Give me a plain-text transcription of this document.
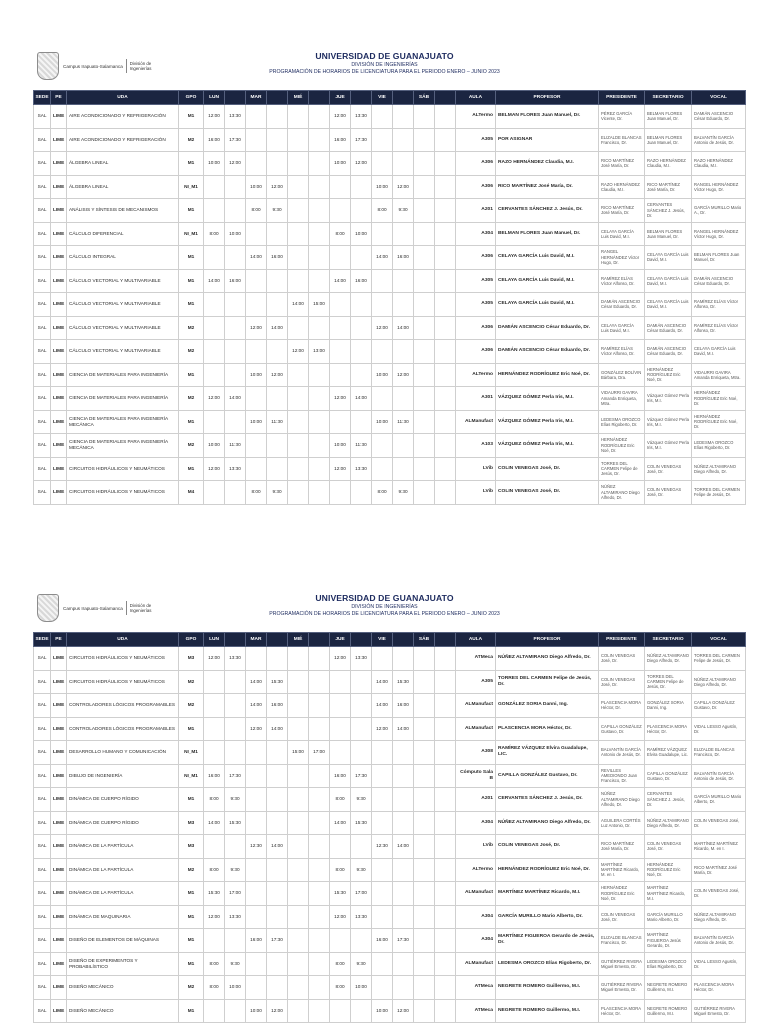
Campus Irapuato-Salamanca
División de Ingenierías
UNIVERSIDAD DE GUANAJUATO
DIVISIÓN DE INGENIERÍAS
PROGRAMACIÓN DE HORARIOS DE LICENCIATURA PARA EL PERIODO ENERO – JUNIO 2023
SEDE	PE	UDA	GPO	LUN		MAR		MIÉ		JUE		VIE		SÁB		AULA	PROFESOR	PRESIDENTE	SECRETARIO	VOCAL
SAL	LIME	AIRE ACONDICIONADO Y REFRIGERACIÓN	M1	12:00	13:30					12:00	13:30					ALTermo	BELMAN FLORES Juan Manuel, Dr.	PÉREZ GARCÍA Vicente, Dr.	BELMAN FLORES Juan Manuel, Dr.	DAMIÁN ASCENCIO César Eduardo, Dr.
SAL	LIME	AIRE ACONDICIONADO Y REFRIGERACIÓN	M2	16:00	17:30					16:00	17:30					A305	POR ASIGNAR	ELIZALDE BLANCAS Francisco, Dr.	BELMAN FLORES Juan Manuel, Dr.	BALVANTÍN GARCÍA Antonio de Jesús, Dr.
SAL	LIME	ÁLGEBRA LINEAL	M1	10:00	12:00					10:00	12:00					A306	RAZO HERNÁNDEZ Claudia, M.I.	RICO MARTÍNEZ José María, Dr.	RAZO HERNÁNDEZ Claudia, M.I.	RAZO HERNÁNDEZ Claudia, M.I.
SAL	LIME	ÁLGEBRA LINEAL	NI_M1			10:00	12:00					10:00	12:00			A306	RICO MARTÍNEZ José María, Dr.	RAZO HERNÁNDEZ Claudia, M.I.	RICO MARTÍNEZ José María, Dr.	RANGEL HERNÁNDEZ Víctor Hugo, Dr.
SAL	LIME	ANÁLISIS Y SÍNTESIS DE MECANISMOS	M1			8:00	9:30					8:00	9:30			A201	CERVANTES SÁNCHEZ J. Jesús, Dr.	RICO MARTÍNEZ José María, Dr.	CERVANTES SÁNCHEZ J. Jesús, Dr.	GARCÍA MURILLO Mario A., Dr.
SAL	LIME	CÁLCULO DIFERENCIAL	NI_M1	8:00	10:00					8:00	10:00					A304	BELMAN FLORES Juan Manuel, Dr.	CELAYA GARCÍA Luis David, M.I.	BELMAN FLORES Juan Manuel, Dr.	RANGEL HERNÁNDEZ Víctor Hugo, Dr.
SAL	LIME	CÁLCULO INTEGRAL	M1			14:00	16:00					14:00	16:00			A306	CELAYA GARCÍA Luis David, M.I.	RANGEL HERNÁNDEZ Víctor Hugo, Dr.	CELAYA GARCÍA Luis David, M.I.	BELMAN FLORES Juan Manuel, Dr.
SAL	LIME	CÁLCULO VECTORIAL Y MULTIVARIABLE	M1	14:00	16:00					14:00	16:00					A305	CELAYA GARCÍA Luis David, M.I.	RAMÍREZ ELÍAS Víctor Alfonso, Dr.	CELAYA GARCÍA Luis David, M.I.	DAMIÁN ASCENCIO César Eduardo, Dr.
SAL	LIME	CÁLCULO VECTORIAL Y MULTIVARIABLE	M1					14:00	15:00							A305	CELAYA GARCÍA Luis David, M.I.	DAMIÁN ASCENCIO César Eduardo, Dr.	CELAYA GARCÍA Luis David, M.I.	RAMÍREZ ELÍAS Víctor Alfonso, Dr.
SAL	LIME	CÁLCULO VECTORIAL Y MULTIVARIABLE	M2			12:00	14:00					12:00	14:00			A306	DAMIÁN ASCENCIO César Eduardo, Dr.	CELAYA GARCÍA Luis David, M.I.	DAMIÁN ASCENCIO César Eduardo, Dr.	RAMÍREZ ELÍAS Víctor Alfonso, Dr.
SAL	LIME	CÁLCULO VECTORIAL Y MULTIVARIABLE	M2					12:00	13:00							A306	DAMIÁN ASCENCIO César Eduardo, Dr.	RAMÍREZ ELÍAS Víctor Alfonso, Dr.	DAMIÁN ASCENCIO César Eduardo, Dr.	CELAYA GARCÍA Luis David, M.I.
SAL	LIME	CIENCIA DE MATERIALES PARA INGENIERÍA	M1			10:00	12:00					10:00	12:00			ALTermo	HERNÁNDEZ RODRÍGUEZ Eric Noé, Dr.	GONZÁLEZ BOLÍVIN Bárbara, Dra.	HERNÁNDEZ RODRÍGUEZ Eric Noé, Dr.	VIDAURRI GAVIRA Amanda Enriqueta, Mtra.
SAL	LIME	CIENCIA DE MATERIALES PARA INGENIERÍA	M2	12:00	14:00					12:00	14:00					A301	VÁZQUEZ GÓMEZ Perla Iris, M.I.	VIDAURRI GAVIRA Amanda Enriqueta, Mtra.	Vázquez Gómez Perla Iris, M.I.	HERNÁNDEZ RODRÍGUEZ Eric Noé, Dr.
SAL	LIME	CIENCIA DE MATERIALES PARA INGENIERÍA MECÁNICA	M1			10:00	11:30					10:00	11:30			ALManufact	VÁZQUEZ GÓMEZ Perla Iris, M.I.	LEDESMA OROZCO Elías Rigoberto, Dr.	Vázquez Gómez Perla Iris, M.I.	HERNÁNDEZ RODRÍGUEZ Eric Noé, Dr.
SAL	LIME	CIENCIA DE MATERIALES PARA INGENIERÍA MECÁNICA	M2	10:00	11:30					10:00	11:30					A103	VÁZQUEZ GÓMEZ Perla Iris, M.I.	HERNÁNDEZ RODRÍGUEZ Eric Noé, Dr.	Vázquez Gómez Perla Iris, M.I.	LEDESMA OROZCO Elías Rigoberto, Dr.
SAL	LIME	CIRCUITOS HIDRÁULICOS Y NEUMÁTICOS	M1	12:00	13:30					12:00	13:30					LVib	COLIN VENEGAS José, Dr.	TORRES DEL CARMEN Felipe de Jesús, Dr.	COLIN VENEGAS José, Dr.	NÚÑEZ ALTAMIRANO Diego Alfredo, Dr.
SAL	LIME	CIRCUITOS HIDRÁULICOS Y NEUMÁTICOS	M4			8:00	9:30					8:00	9:30			LVib	COLIN VENEGAS José, Dr.	NÚÑEZ ALTAMIRANO Diego Alfredo, Dr.	COLIN VENEGAS José, Dr.	TORRES DEL CARMEN Felipe de Jesús, Dr.
Campus Irapuato-Salamanca
División de Ingenierías
UNIVERSIDAD DE GUANAJUATO
DIVISIÓN DE INGENIERÍAS
PROGRAMACIÓN DE HORARIOS DE LICENCIATURA PARA EL PERIODO ENERO – JUNIO 2023
SEDE	PE	UDA	GPO	LUN		MAR		MIÉ		JUE		VIE		SÁB		AULA	PROFESOR	PRESIDENTE	SECRETARIO	VOCAL
SAL	LIME	CIRCUITOS HIDRÁULICOS Y NEUMÁTICOS	M3	12:00	13:30					12:00	13:30					ATMeca	NÚÑEZ ALTAMIRANO Diego Alfredo, Dr.	COLIN VENEGAS José, Dr.	NÚÑEZ ALTAMIRANO Diego Alfredo, Dr.	TORRES DEL CARMEN Felipe de Jesús, Dr.
SAL	LIME	CIRCUITOS HIDRÁULICOS Y NEUMÁTICOS	M2			14:00	15:30					14:00	15:30			A305	TORRES DEL CARMEN Felipe de Jesús, Dr.	COLIN VENEGAS José, Dr.	TORRES DEL CARMEN Felipe de Jesús, Dr.	NÚÑEZ ALTAMIRANO Diego Alfredo, Dr.
SAL	LIME	CONTROLADORES LÓGICOS PROGRAMABLES	M2			14:00	16:00					14:00	16:00			ALManufact	GONZÁLEZ SORIA Danni, Ing.	PLASCENCIA MORA Héctor, Dr.	GONZÁLEZ SORIA Danni, Ing.	CAPILLA GONZÁLEZ Gustavo, Dr.
SAL	LIME	CONTROLADORES LÓGICOS PROGRAMABLES	M1			12:00	14:00					12:00	14:00			ALManufact	PLASCENCIA MORA Héctor, Dr.	CAPILLA GONZÁLEZ Gustavo, Dr.	PLASCENCIA MORA Héctor, Dr.	VIDAL LESSO Agustín, Dr.
SAL	LIME	DESARROLLO HUMANO Y COMUNICACIÓN	NI_M1					15:00	17:00							A308	RAMÍREZ VÁZQUEZ Elvira Guadalupe, LIC.	BALVANTÍN GARCÍA Antonio de Jesús, Dr.	RAMÍREZ VÁZQUEZ Elvira Guadalupe, Lic.	ELIZALDE BLANCAS Francisco, Dr.
SAL	LIME	DIBUJO DE INGENIERÍA	NI_M1	16:00	17:30					16:00	17:30					Cómputo Sala B	CAPILLA GONZÁLEZ Gustavo, Dr.	REVILLES AMEDIONDO Juan Francisco, Dr.	CAPILLA GONZÁLEZ Gustavo, Dr.	BALVANTÍN GARCÍA Antonio de Jesús, Dr.
SAL	LIME	DINÁMICA DE CUERPO RÍGIDO	M1	8:00	9:30					8:00	9:30					A201	CERVANTES SÁNCHEZ J. Jesús, Dr.	NÚÑEZ ALTAMIRANO Diego Alfredo, Dr.	CERVANTES SÁNCHEZ J. Jesús, Dr.	GARCÍA MURILLO Mario Alberto, Dr.
SAL	LIME	DINÁMICA DE CUERPO RÍGIDO	M3	14:00	15:30					14:00	15:30					A304	NÚÑEZ ALTAMIRANO Diego Alfredo, Dr.	AGUILERA CORTÉS Luz Antonio, Dr.	NÚÑEZ ALTAMIRANO Diego Alfredo, Dr.	COLIN VENEGAS José, Dr.
SAL	LIME	DINÁMICA DE LA PARTÍCULA	M3			12:30	14:00					12:30	14:00			LVib	COLIN VENEGAS José, Dr.	RICO MARTÍNEZ José María, Dr.	COLIN VENEGAS José, Dr.	MARTÍNEZ MARTÍNEZ Ricardo, M. en I.
SAL	LIME	DINÁMICA DE LA PARTÍCULA	M2	8:00	9:30					8:00	9:30					ALTermo	HERNÁNDEZ RODRÍGUEZ Eric Noé, Dr.	MARTÍNEZ MARTÍNEZ Ricardo, M. en I.	HERNÁNDEZ RODRÍGUEZ Eric Noé, Dr.	RICO MARTÍNEZ José María, Dr.
SAL	LIME	DINÁMICA DE LA PARTÍCULA	M1	15:30	17:00					15:30	17:00					ALManufact	MARTÍNEZ MARTÍNEZ Ricardo, M.I.	HERNÁNDEZ RODRÍGUEZ Eric Noé, Dr.	MARTÍNEZ MARTÍNEZ Ricardo, M.I.	COLIN VENEGAS José, Dr.
SAL	LIME	DINÁMICA DE MAQUINARIA	M1	12:00	13:30					12:00	13:30					A304	GARCÍA MURILLO Mario Alberto, Dr.	COLIN VENEGAS José, Dr.	GARCÍA MURILLO Mario Alberto, Dr.	NÚÑEZ ALTAMIRANO Diego Alfredo, Dr.
SAL	LIME	DISEÑO DE ELEMENTOS DE MÁQUINAS	M1			16:00	17:30					16:00	17:30			A304	MARTÍNEZ FIGUEROA Gerardo de Jesús, Dr.	ELIZALDE BLANCAS Francisco, Dr.	MARTÍNEZ FIGUEROA Jesús Gerardo, Dr.	BALVANTÍN GARCÍA Antonio de Jesús, Dr.
SAL	LIME	DISEÑO DE EXPERIMENTOS Y PROBABILÍSTICO	M1	8:00	9:30					8:00	9:30					ALManufact	LEDESMA OROZCO Elías Rigoberto, Dr.	GUTIÉRREZ RIVERA Miguel Ernesto, Dr.	LEDESMA OROZCO Elías Rigoberto, Dr.	VIDAL LESSO Agustín, Dr.
SAL	LIME	DISEÑO MECÁNICO	M2	8:00	10:00					8:00	10:00					ATMeca	NEGRETE ROMERO Guillermo, M.I.	GUTIÉRREZ RIVERA Miguel Ernesto, Dr.	NEGRETE ROMERO Guillermo, M.I.	PLASCENCIA MORA Héctor, Dr.
SAL	LIME	DISEÑO MECÁNICO	M1			10:00	12:00					10:00	12:00			ATMeca	NEGRETE ROMERO Guillermo, M.I.	PLASCENCIA MORA Héctor, Dr.	NEGRETE ROMERO Guillermo, M.I.	GUTIÉRREZ RIVERA Miguel Ernesto, Dr.
